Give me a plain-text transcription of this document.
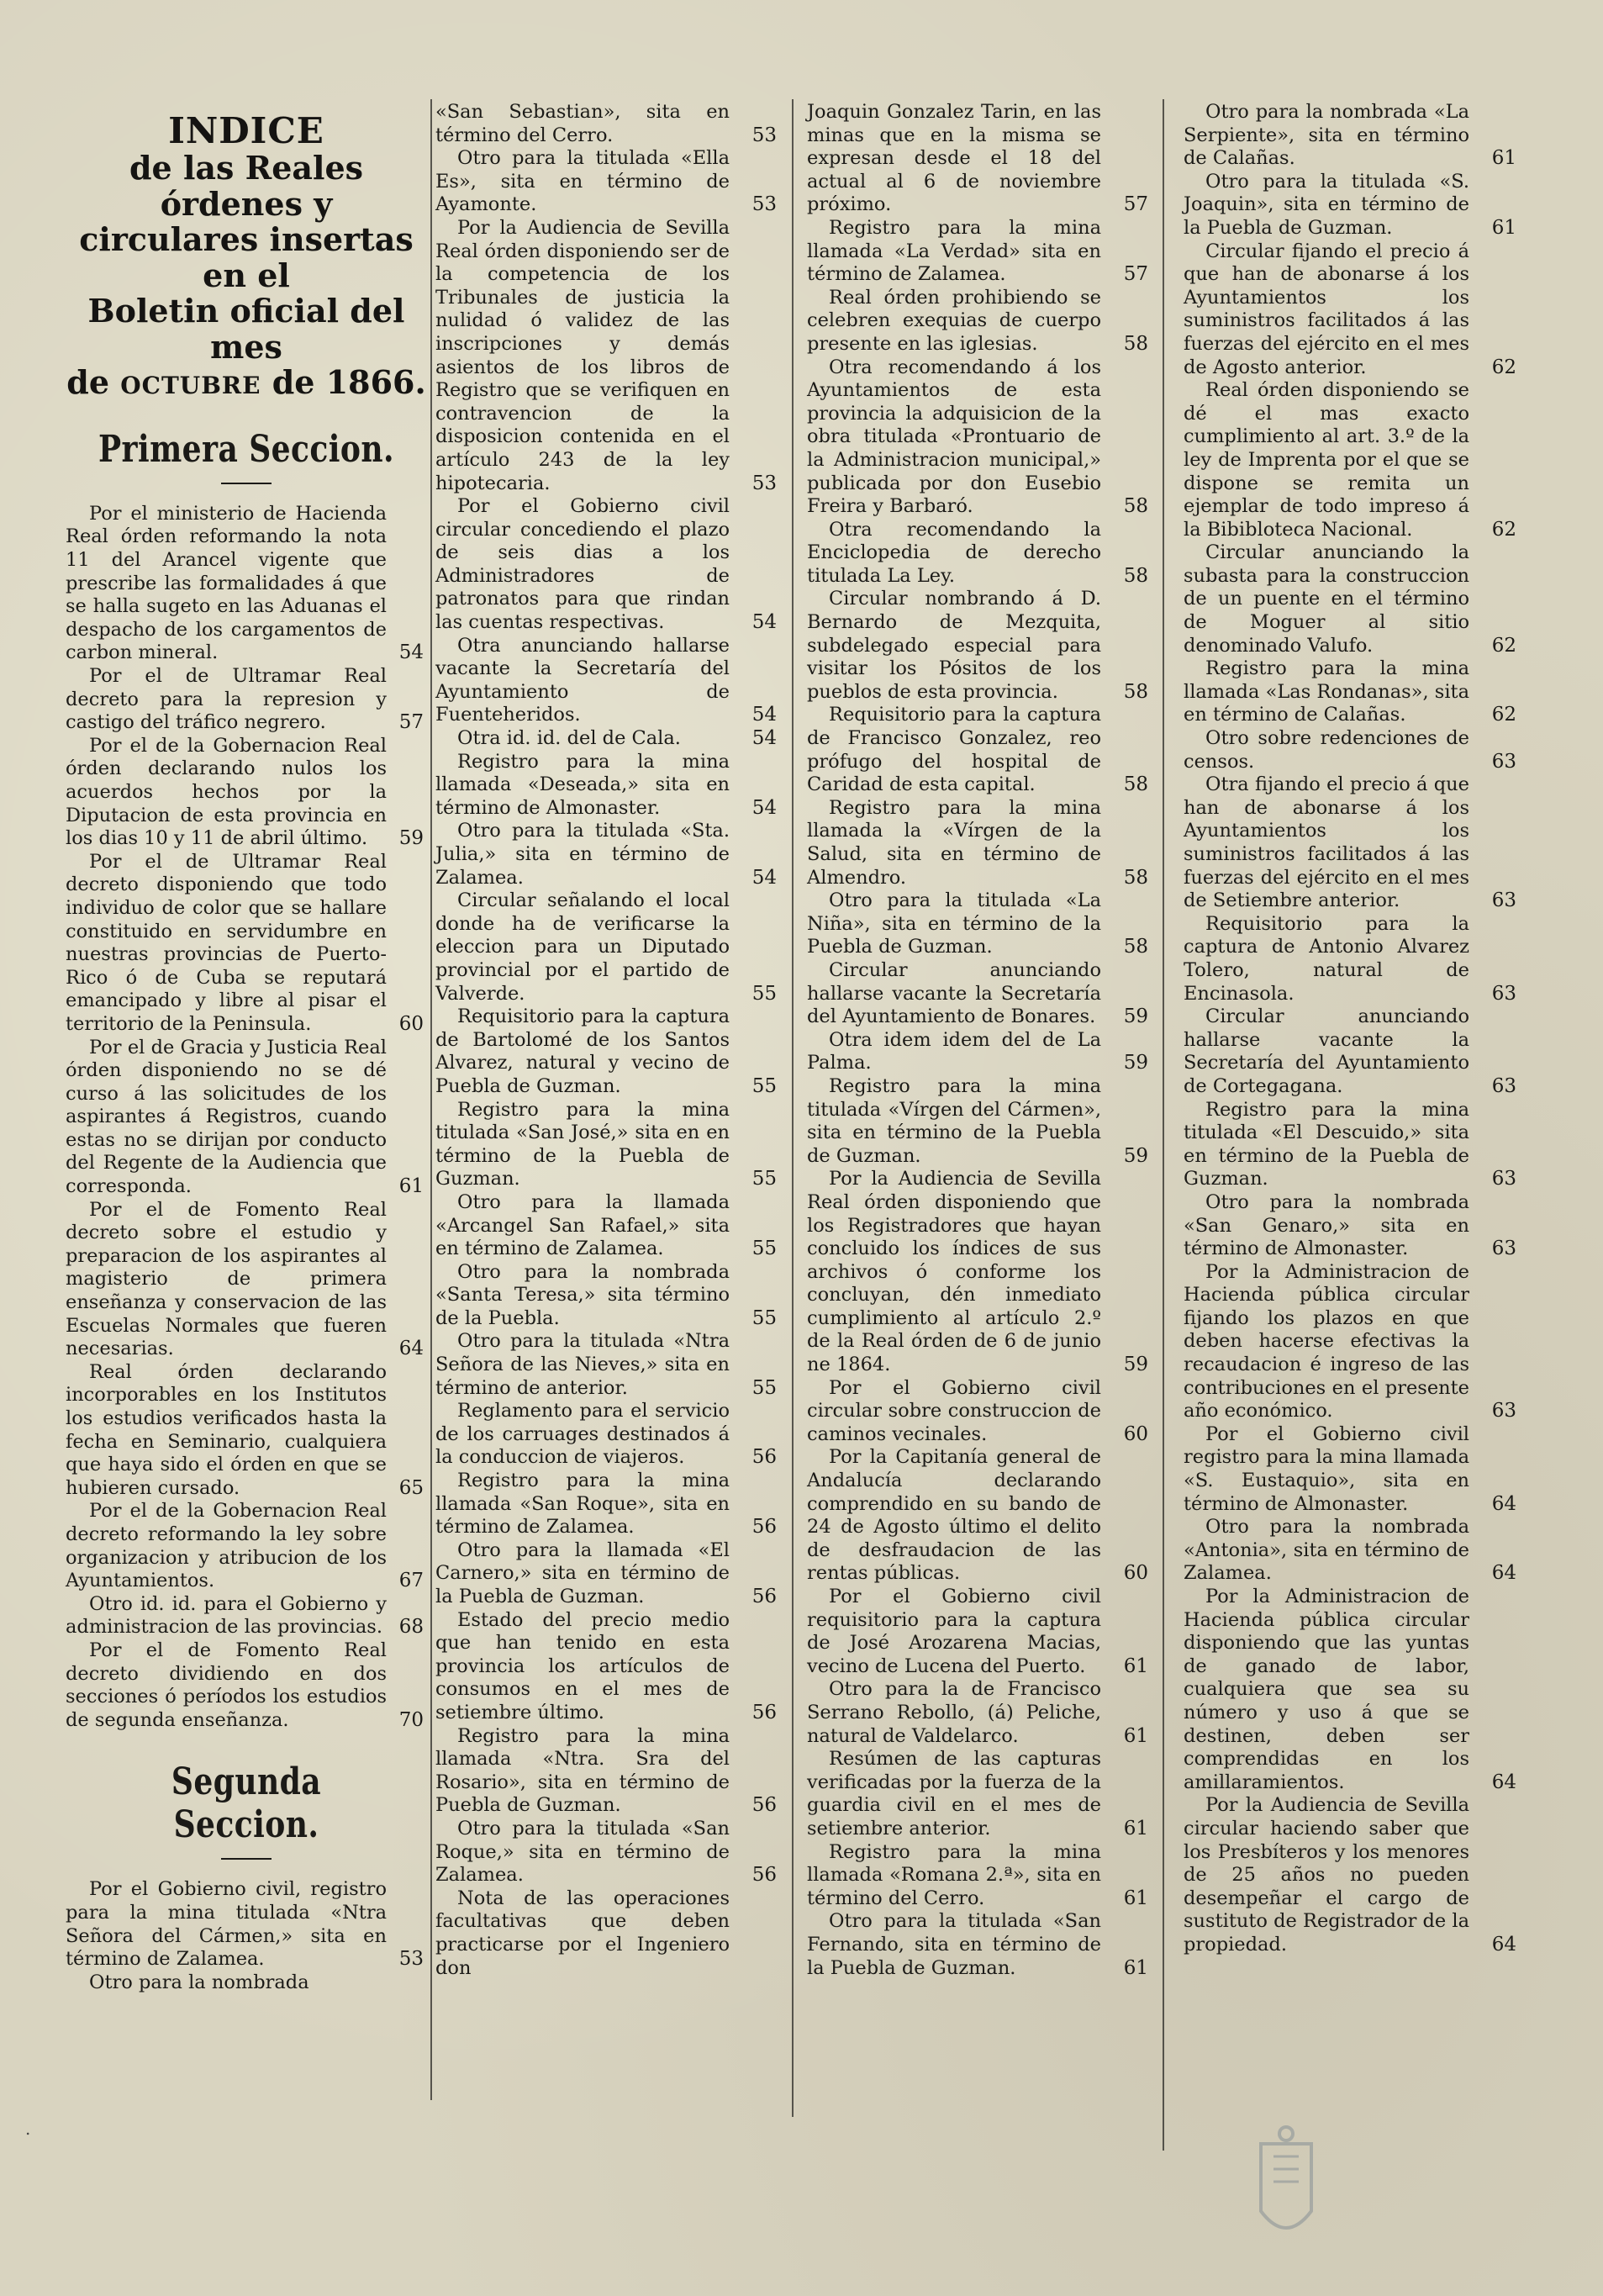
INDICE
de las Reales órdenes y
circulares insertas en el
Boletin oficial del mes
de OCTUBRE de 1866.
Primera Seccion.

Por el ministerio de Hacienda Real órden reformando la nota 11 del Arancel vigente que prescribe las formalidades á que se halla sugeto en las Aduanas el despacho de los cargamentos de carbon mineral.	54

Por el de Ultramar Real decreto para la represion y castigo del tráfico negrero.	57

Por el de la Gobernacion Real órden declarando nulos los acuerdos hechos por la Diputacion de esta provincia en los dias 10 y 11 de abril último. 59

Por el de Ultramar Real decreto disponiendo que todo individuo de color que se hallare constituido en servidumbre en nuestras provincias de Puerto-Rico ó de Cuba se reputará emancipado y libre al pisar el territorio de la Peninsula.	60

Por el de Gracia y Justicia Real órden disponiendo no se dé curso á las solicitudes de los aspirantes á Registros, cuando estas no se dirijan por conducto del Regente de la Audiencia que corresponda.	61

Por el de Fomento Real decreto sobre el estudio y preparacion de los aspirantes al magisterio de primera enseñanza y conservacion de las Escuelas Normales que fueren necesarias.	64

Real órden declarando incorporables en los Institutos los estudios verificados hasta la fecha en Seminario, cualquiera que haya sido el órden en que se hubieren cursado.	65

Por el de la Gobernacion Real decreto reformando la ley sobre organizacion y atribucion de los Ayuntamientos.	67

Otro id. id. para el Gobierno y administracion de las provincias. 68

Por el de Fomento Real decreto dividiendo en dos secciones ó períodos los estudios de segunda enseñanza.	70

Segunda Seccion.

Por el Gobierno civil, registro para la mina titulada «Ntra Señora del Cármen,» sita en término de Zalamea.	53

Otro para la nombrada

«San Sebastian», sita en término del Cerro.	53

Otro para la titulada «Ella Es», sita en término de Ayamonte.	53

Por la Audiencia de Sevilla Real órden disponiendo ser de la competencia de los Tribunales de justicia la nulidad ó validez de las inscripciones y demás asientos de los libros de Registro que se verifiquen en contravencion de la disposicion contenida en el artículo 243 de la ley hipotecaria.	53

Por el Gobierno civil circular concediendo el plazo de seis dias a los Administradores de patronatos para que rindan las cuentas respectivas.	54

Otra anunciando hallarse vacante la Secretaría del Ayuntamiento de Fuenteheridos.	54

Otra id. id. del de Cala.	54

Registro para la mina llamada «Deseada,» sita en término de Almonaster.	54

Otro para la titulada «Sta. Julia,» sita en término de Zalamea.	54

Circular señalando el local donde ha de verificarse la eleccion para un Diputado provincial por el partido de Valverde.	55

Requisitorio para la captura de Bartolomé de los Santos Alvarez, natural y vecino de Puebla de Guzman.	55

Registro para la mina titulada «San José,» sita en en término de la Puebla de Guzman.	55

Otro para la llamada «Arcangel San Rafael,» sita en término de Zalamea.	55

Otro para la nombrada «Santa Teresa,» sita término de la Puebla.	55

Otro para la titulada «Ntra Señora de las Nieves,» sita en término de anterior.	55

Reglamento para el servicio de los carruages destinados á la conduccion de viajeros.	56

Registro para la mina llamada «San Roque», sita en término de Zalamea.	56

Otro para la llamada «El Carnero,» sita en término de la Puebla de Guzman.	56

Estado del precio medio que han tenido en esta provincia los artículos de consumos en el mes de setiembre último.	56

Registro para la mina llamada «Ntra. Sra del Rosario», sita en término de Puebla de Guzman.	56

Otro para la titulada «San Roque,» sita en término de Zalamea.	56

Nota de las operaciones facultativas que deben practicarse por el Ingeniero don

Joaquin Gonzalez Tarin, en las minas que en la misma se expresan desde el 18 del actual al 6 de noviembre próximo.	57

Registro para la mina llamada «La Verdad» sita en término de Zalamea.	57

Real órden prohibiendo se celebren exequias de cuerpo presente en las iglesias.	58

Otra recomendando á los Ayuntamientos de esta provincia la adquisicion de la obra titulada «Prontuario de la Administracion municipal,» publicada por don Eusebio Freira y Barbaró.	58

Otra recomendando la Enciclopedia de derecho titulada La Ley.	58

Circular nombrando á D. Bernardo de Mezquita, subdelegado especial para visitar los Pósitos de los pueblos de esta provincia.	58

Requisitorio para la captura de Francisco Gonzalez, reo prófugo del hospital de Caridad de esta capital.	58

Registro para la mina llamada la «Vírgen de la Salud, sita en término de Almendro.	58

Otro para la titulada «La Niña», sita en término de la Puebla de Guzman.	58

Circular anunciando hallarse vacante la Secretaría del Ayuntamiento de Bonares. 59

Otra idem idem del de La Palma.	59

Registro para la mina titulada «Vírgen del Cármen», sita en término de la Puebla de Guzman.	59

Por la Audiencia de Sevilla Real órden disponiendo que los Registradores que hayan concluido los índices de sus archivos ó conforme los concluyan, dén inmediato cumplimiento al artículo 2.º de la Real órden de 6 de junio ne 1864.	59

Por el Gobierno civil circular sobre construccion de caminos vecinales.	60

Por la Capitanía general de Andalucía declarando comprendido en su bando de 24 de Agosto último el delito de desfraudacion de las rentas públicas.	60

Por el Gobierno civil requisitorio para la captura de José Arozarena Macias, vecino de Lucena del Puerto. 61

Otro para la de Francisco Serrano Rebollo, (á) Peliche, natural de Valdelarco.	61

Resúmen de las capturas verificadas por la fuerza de la guardia civil en el mes de setiembre anterior.	61

Registro para la mina llamada «Romana 2.ª», sita en término del Cerro.	61

Otro para la titulada «San Fernando, sita en término de la Puebla de Guzman.	61

Otro para la nombrada «La Serpiente», sita en término de Calañas.	61

Otro para la titulada «S. Joaquin», sita en término de la Puebla de Guzman.	61

Circular fijando el precio á que han de abonarse á los Ayuntamientos los suministros facilitados á las fuerzas del ejército en el mes de Agosto anterior.	62

Real órden disponiendo se dé el mas exacto cumplimiento al art. 3.º de la ley de Imprenta por el que se dispone se remita un ejemplar de todo impreso á la Bibibloteca Nacional.	62

Circular anunciando la subasta para la construccion de un puente en el término de Moguer al sitio denominado Valufo.	62

Registro para la mina llamada «Las Rondanas», sita en término de Calañas.	62

Otro sobre redenciones de censos.	63

Otra fijando el precio á que han de abonarse á los Ayuntamientos los suministros facilitados á las fuerzas del ejército en el mes de Setiembre anterior.	63

Requisitorio para la captura de Antonio Alvarez Tolero, natural de Encinasola.	63

Circular anunciando hallarse vacante la Secretaría del Ayuntamiento de Cortegagana.	63

Registro para la mina titulada «El Descuido,» sita en término de la Puebla de Guzman.	63

Otro para la nombrada «San Genaro,» sita en término de Almonaster.	63

Por la Administracion de Hacienda pública circular fijando los plazos en que deben hacerse efectivas la recaudacion é ingreso de las contribuciones en el presente año económico.	63

Por el Gobierno civil registro para la mina llamada «S. Eustaquio», sita en término de Almonaster.	64

Otro para la nombrada «Antonia», sita en término de Zalamea.	64

Por la Administracion de Hacienda pública circular disponiendo que las yuntas de ganado de labor, cualquiera que sea su número y uso á que se destinen, deben ser comprendidas en los amillaramientos.	64

Por la Audiencia de Sevilla circular haciendo saber que los Presbíteros y los menores de 25 años no pueden desempeñar el cargo de sustituto de Registrador de la propiedad.	64

.
